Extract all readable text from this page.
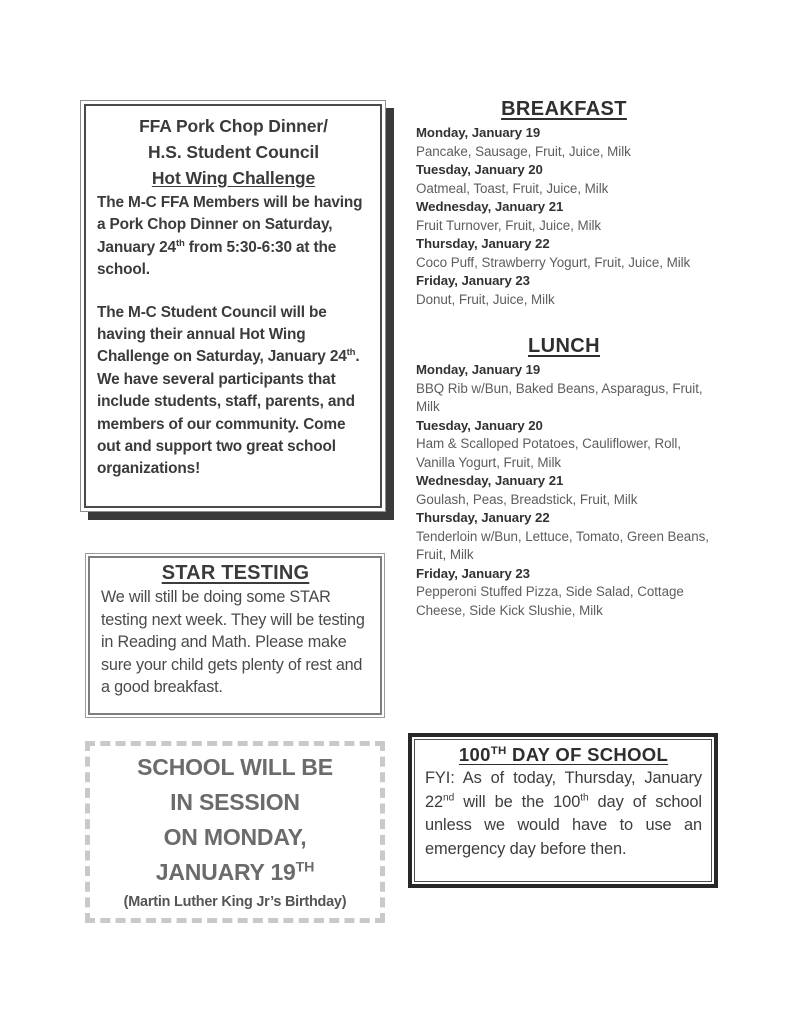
FFA Pork Chop Dinner/
H.S. Student Council
Hot Wing Challenge

The M-C FFA Members will be having a Pork Chop Dinner on Saturday, January 24th from 5:30-6:30 at the school.

The M-C Student Council will be having their annual Hot Wing Challenge on Saturday, January 24th. We have several participants that include students, staff, parents, and members of our community. Come out and support two great school organizations!

BREAKFAST
Monday, January 19
Pancake, Sausage, Fruit, Juice, Milk
Tuesday, January 20
Oatmeal, Toast, Fruit, Juice, Milk
Wednesday, January 21
Fruit Turnover, Fruit, Juice, Milk
Thursday, January 22
Coco Puff, Strawberry Yogurt, Fruit, Juice, Milk
Friday, January 23
Donut, Fruit, Juice, Milk
LUNCH
Monday, January 19
BBQ Rib w/Bun, Baked Beans, Asparagus, Fruit, Milk
Tuesday, January 20
Ham & Scalloped Potatoes, Cauliflower, Roll, Vanilla Yogurt, Fruit, Milk
Wednesday, January 21
Goulash, Peas, Breadstick, Fruit, Milk
Thursday, January 22
Tenderloin w/Bun, Lettuce, Tomato, Green Beans, Fruit, Milk
Friday, January 23
Pepperoni Stuffed Pizza, Side Salad, Cottage Cheese, Side Kick Slushie, Milk
STAR TESTING
We will still be doing some STAR testing next week. They will be testing in Reading and Math. Please make sure your child gets plenty of rest and a good breakfast.
SCHOOL WILL BE
IN SESSION
ON MONDAY,
JANUARY 19TH
(Martin Luther King Jr’s Birthday)
100TH DAY OF SCHOOL
FYI: As of today, Thursday, January 22nd will be the 100th day of school unless we would have to use an emergency day before then.
